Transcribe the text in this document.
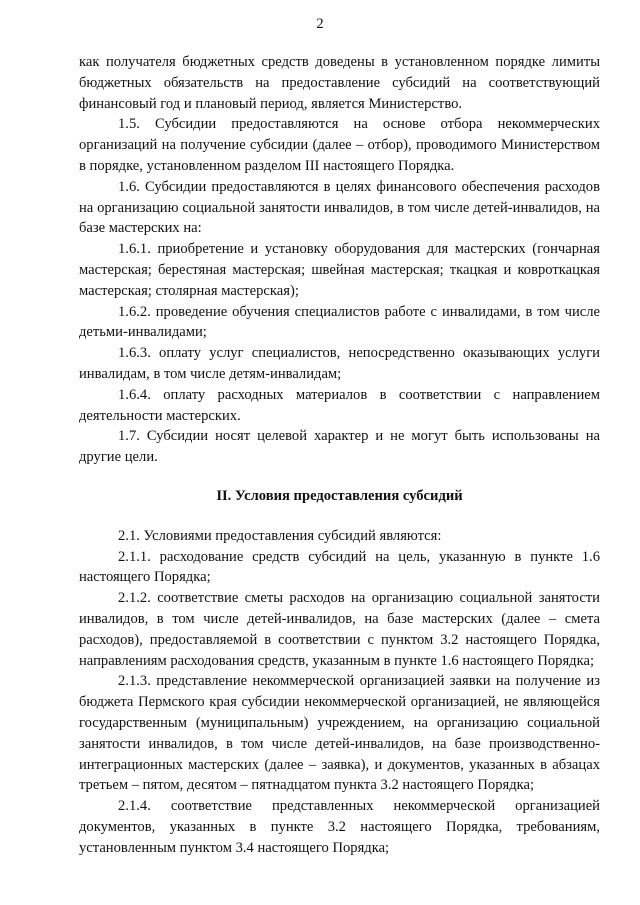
2

как получателя бюджетных средств доведены в установленном порядке лимиты бюджетных обязательств на предоставление субсидий на соответствующий финансовый год и плановый период, является Министерство.

1.5. Субсидии предоставляются на основе отбора некоммерческих организаций на получение субсидии (далее – отбор), проводимого Министерством в порядке, установленном разделом III настоящего Порядка.

1.6. Субсидии предоставляются в целях финансового обеспечения расходов на организацию социальной занятости инвалидов, в том числе детей-инвалидов, на базе мастерских на:

1.6.1. приобретение и установку оборудования для мастерских (гончарная мастерская; берестяная мастерская; швейная мастерская; ткацкая и ковроткацкая мастерская; столярная мастерская);

1.6.2. проведение обучения специалистов работе с инвалидами, в том числе детьми-инвалидами;

1.6.3. оплату услуг специалистов, непосредственно оказывающих услуги инвалидам, в том числе детям-инвалидам;

1.6.4. оплату расходных материалов в соответствии с направлением деятельности мастерских.

1.7. Субсидии носят целевой характер и не могут быть использованы на другие цели.

II. Условия предоставления субсидий

2.1. Условиями предоставления субсидий являются:

2.1.1. расходование средств субсидий на цель, указанную в пункте 1.6 настоящего Порядка;

2.1.2. соответствие сметы расходов на организацию социальной занятости инвалидов, в том числе детей-инвалидов, на базе мастерских (далее – смета расходов), предоставляемой в соответствии с пунктом 3.2 настоящего Порядка, направлениям расходования средств, указанным в пункте 1.6 настоящего Порядка;

2.1.3. представление некоммерческой организацией заявки на получение из бюджета Пермского края субсидии некоммерческой организацией, не являющейся государственным (муниципальным) учреждением, на организацию социальной занятости инвалидов, в том числе детей-инвалидов, на базе производственно-интеграционных мастерских (далее – заявка), и документов, указанных в абзацах третьем – пятом, десятом – пятнадцатом пункта 3.2 настоящего Порядка;

2.1.4. соответствие представленных некоммерческой организацией документов, указанных в пункте 3.2 настоящего Порядка, требованиям, установленным пунктом 3.4 настоящего Порядка;
